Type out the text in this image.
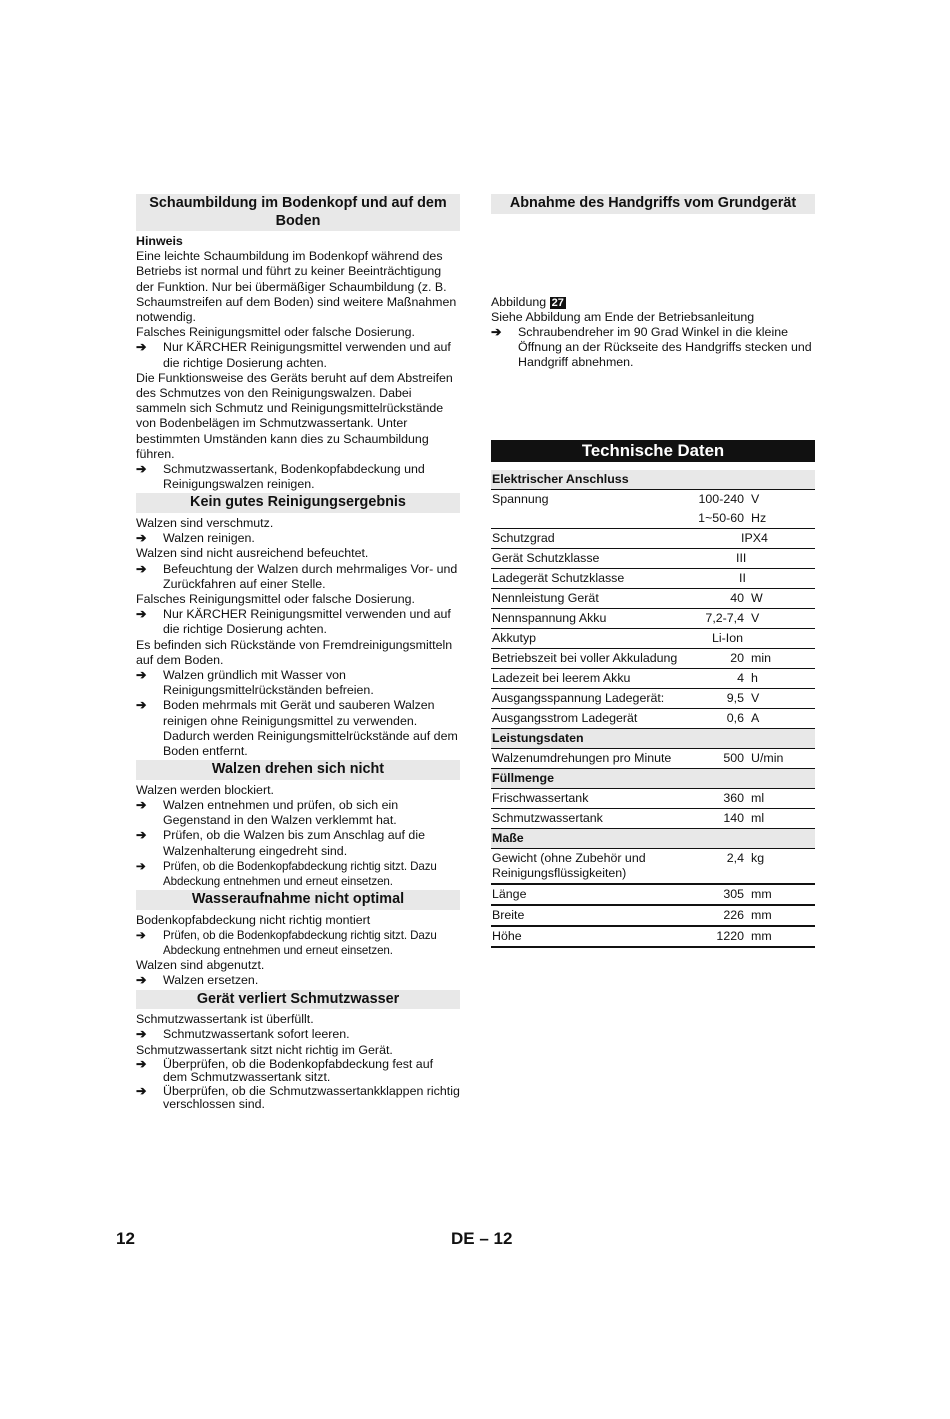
Schaumbildung im Bodenkopf und auf dem Boden
Hinweis
Eine leichte Schaumbildung im Bodenkopf während des Betriebs ist normal und führt zu keiner Beeinträchtigung der Funktion. Nur bei übermäßiger Schaumbildung (z. B. Schaumstreifen auf dem Boden) sind weitere Maßnahmen notwendig.
Falsches Reinigungsmittel oder falsche Dosierung.
➔ Nur KÄRCHER Reinigungsmittel verwenden und auf die richtige Dosierung achten.
Die Funktionsweise des Geräts beruht auf dem Abstreifen des Schmutzes von den Reinigungswalzen. Dabei sammeln sich Schmutz und Reinigungsmittelrückstände von Bodenbelägen im Schmutzwassertank. Unter bestimmten Umständen kann dies zu Schaumbildung führen.
➔ Schmutzwassertank, Bodenkopfabdeckung und Reinigungswalzen reinigen.
Kein gutes Reinigungsergebnis
Walzen sind verschmutz.
➔ Walzen reinigen.
Walzen sind nicht ausreichend befeuchtet.
➔ Befeuchtung der Walzen durch mehrmaliges Vor- und Zurückfahren auf einer Stelle.
Falsches Reinigungsmittel oder falsche Dosierung.
➔ Nur KÄRCHER Reinigungsmittel verwenden und auf die richtige Dosierung achten.
Es befinden sich Rückstände von Fremdreinigungsmitteln auf dem Boden.
➔ Walzen gründlich mit Wasser von Reinigungsmittelrückständen befreien.
➔ Boden mehrmals mit Gerät und sauberen Walzen reinigen ohne Reinigungsmittel zu verwenden. Dadurch werden Reinigungsmittelrückstände auf dem Boden entfernt.
Walzen drehen sich nicht
Walzen werden blockiert.
➔ Walzen entnehmen und prüfen, ob sich ein Gegenstand in den Walzen verklemmt hat.
➔ Prüfen, ob die Walzen bis zum Anschlag auf die Walzenhalterung eingedreht sind.
➔ Prüfen, ob die Bodenkopfabdeckung richtig sitzt. Dazu Abdeckung entnehmen und erneut einsetzen.
Wasseraufnahme nicht optimal
Bodenkopfabdeckung nicht richtig montiert
➔ Prüfen, ob die Bodenkopfabdeckung richtig sitzt. Dazu Abdeckung entnehmen und erneut einsetzen.
Walzen sind abgenutzt.
➔ Walzen ersetzen.
Gerät verliert Schmutzwasser
Schmutzwassertank ist überfüllt.
➔ Schmutzwassertank sofort leeren.
Schmutzwassertank sitzt nicht richtig im Gerät.
➔ Überprüfen, ob die Bodenkopfabdeckung fest auf dem Schmutzwassertank sitzt.
➔ Überprüfen, ob die Schmutzwassertankklappen richtig verschlossen sind.
Abnahme des Handgriffs vom Grundgerät
Abbildung 27
Siehe Abbildung am Ende der Betriebsanleitung
➔ Schraubendreher im 90 Grad Winkel in die kleine Öffnung an der Rückseite des Handgriffs stecken und Handgriff abnehmen.
Technische Daten
Elektrischer Anschluss		
Spannung	100-240	V
	1~50-60	Hz
Schutzgrad	IPX4	
Gerät Schutzklasse	III	
Ladegerät Schutzklasse	II	
Nennleistung Gerät	40	W
Nennspannung Akku	7,2-7,4	V
Akkutyp	Li-Ion	
Betriebszeit bei voller Akkuladung	20	min
Ladezeit bei leerem Akku	4	h
Ausgangsspannung Ladegerät:	9,5	V
Ausgangsstrom Ladegerät	0,6	A
Leistungsdaten		
Walzenumdrehungen pro Minute	500	U/min
Füllmenge		
Frischwassertank	360	ml
Schmutzwassertank	140	ml
Maße		
Gewicht (ohne Zubehör und Reinigungsflüssigkeiten)	2,4	kg
Länge	305	mm
Breite	226	mm
Höhe	1220	mm
12	DE – 12
